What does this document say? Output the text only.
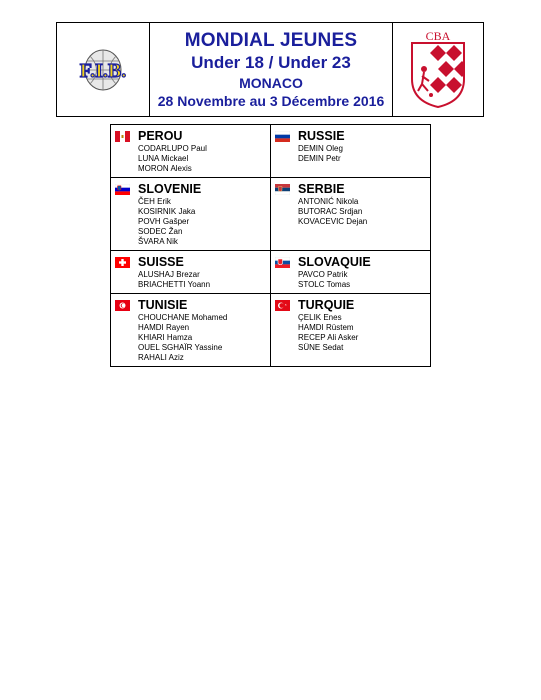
F.I.B.
MONDIAL JEUNES
Under 18 / Under 23
MONACO
28 Novembre au 3 Décembre 2016
CBA
PEROU
CODARLUPO Paul
LUNA Mickael
MORON Alexis
RUSSIE
DEMIN Oleg
DEMIN Petr
SLOVENIE
ČEH Erik
KOSIRNIK Jaka
POVH Gašper
SODEC Žan
ŠVARA Nik
SERBIE
ANTONIĆ Nikola
BUTORAC Srdjan
KOVACEVIC Dejan
SUISSE
ALUSHAJ Brezar
BRIACHETTI Yoann
SLOVAQUIE
PAVCO Patrik
STOLC Tomas
TUNISIE
CHOUCHANE Mohamed
HAMDI Rayen
KHIARI Hamza
OUEL SGHAÏR Yassine
RAHALI Aziz
TURQUIE
ÇELIK Enes
HAMDI Rüstem
RECEP Ali Asker
SÜNE Sedat
